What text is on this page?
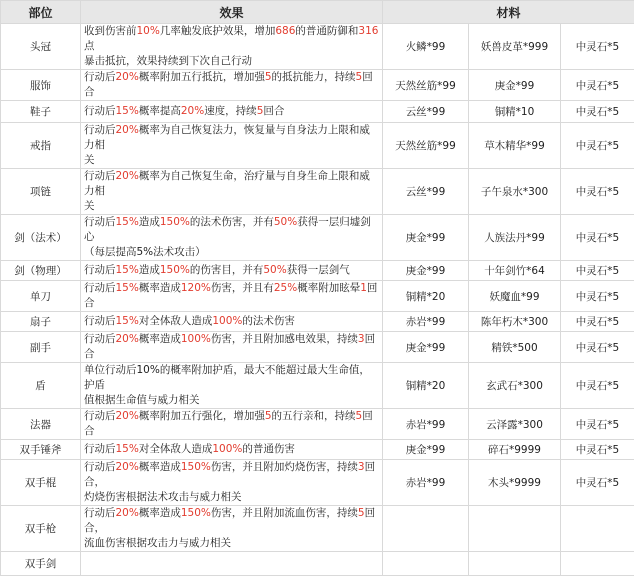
部位	效果	材料		
头冠	收到伤害前10%几率触发底护效果，增加686的普通防御和316点
暴击抵抗，效果持续到下次自己行动	火鳞*99	妖兽皮革*999	中灵石*5
服饰	行动后20%概率附加五行抵抗，增加强5的抵抗能力，持续5回合	天然丝筋*99	庚金*99	中灵石*5
鞋子	行动后15%概率提高20%速度，持续5回合	云丝*99	铜精*10	中灵石*5
戒指	行动后20%概率为自己恢复法力，恢复量与自身法力上限和威力相
关	天然丝筋*99	草木精华*99	中灵石*5
项链	行动后20%概率为自己恢复生命，治疗量与自身生命上限和威力相
关	云丝*99	子午泉水*300	中灵石*5
剑（法术）	行动后15%造成150%的法术伤害，并有50%获得一层归墟剑心
（每层提高5%法术攻击）	庚金*99	人族法丹*99	中灵石*5
剑（物理）	行动后15%造成150%的伤害目，并有50%获得一层剑气	庚金*99	十年剑竹*64	中灵石*5
单刀	行动后15%概率造成120%伤害，并且有25%概率附加眩晕1回合	铜精*20	妖魔血*99	中灵石*5
扇子	行动后15%对全体敌人造成100%的法术伤害	赤岩*99	陈年朽木*300	中灵石*5
副手	行动后20%概率造成100%伤害，并且附加感电效果，持续3回合	庚金*99	精铁*500	中灵石*5
盾	单位行动后10%的概率附加护盾，最大不能超过最大生命值，护盾
值根据生命值与威力相关	铜精*20	玄武石*300	中灵石*5
法器	行动后20%概率附加五行强化，增加强5的五行亲和，持续5回合	赤岩*99	云泽露*300	中灵石*5
双手锤斧	行动后15%对全体敌人造成100%的普通伤害	庚金*99	碎石*9999	中灵石*5
双手棍	行动后20%概率造成150%伤害，并且附加灼烧伤害，持续3回合，
灼烧伤害根据法术攻击与威力相关	赤岩*99	木头*9999	中灵石*5
双手枪	行动后20%概率造成150%伤害，并且附加流血伤害，持续5回合，
流血伤害根据攻击力与威力相关			

双手剑				
